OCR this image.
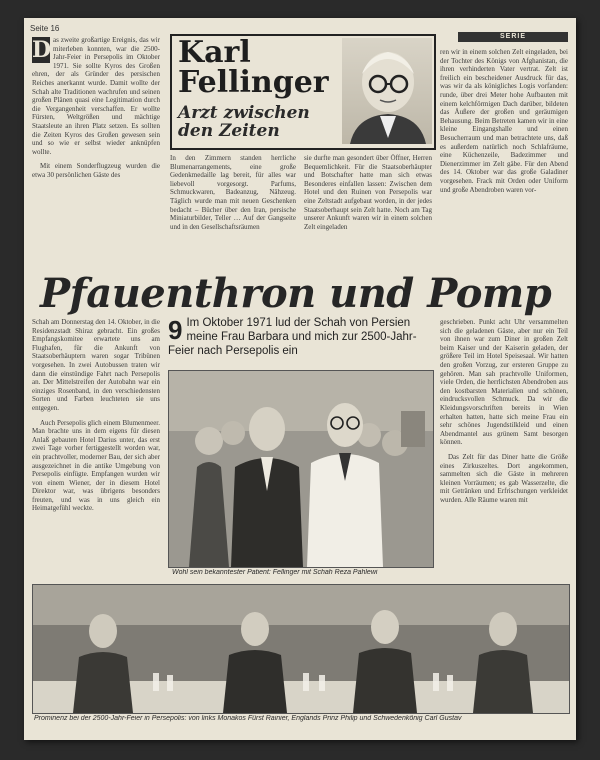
Seite 16
SERIE
D as zweite großartige Ereignis, das wir miterleben konnten, war die 2500-Jahr-Feier in Persepolis im Oktober 1971. Sie sollte Kyros des Großen ehren, der als Gründer des persischen Reiches anerkannt wurde. Damit wollte der Schah alte Traditionen wachrufen und seinen großen Plänen quasi eine Legitimation durch die Vergangenheit verschaffen. Er wollte Fürsten, Weltgrößen und mächtige Staatsleute an ihren Platz setzen. Es sollten die Zeiten Kyros des Großen gewesen sein und so wie er selbst wieder anknüpfen wollte.
Mit einem Sonderflugzeug wurden die etwa 30 persönlichen Gäste des
Karl Fellinger
Arzt zwischen den Zeiten
In den Zimmern standen herrliche Blumenarrangements, eine große Gedenkmedaille lag bereit, für alles war liebevoll vorgesorgt. Parfums, Schmuckwaren, Badeanzug, Nähzeug. Täglich wurde man mit neuen Geschenken bedacht – Bücher über den Iran, persische Miniaturbilder, Teller … Auf der Gangseite und in den Gesellschaftsräumen
sie durfte man gesondert über Öffner, Herren Bequemlichkeit. Für die Staatsoberhäupter und Botschafter hatte man sich etwas Besonderes einfallen lassen: Zwischen dem Hotel und den Ruinen von Persepolis war eine Zeltstadt aufgebaut worden, in der jedes Staatsoberhaupt sein Zelt hatte. Noch am Tag unserer Ankunft waren wir in einem solchen Zelt eingeladen
ren wir in einem solchen Zelt eingeladen, bei der Tochter des Königs von Afghanistan, die ihren verhinderten Vater vertrat. Zelt ist freilich ein bescheidener Ausdruck für das, was wir da als königliches Logis vorfanden: runde, über drei Meter hohe Aufbauten mit einem kelchförmigen Dach darüber, bildeten das Äußere der großen und geräumigen Behausung. Beim Betreten kamen wir in eine kleine Eingangshalle und einen Besucherraum und man betrachtete uns, daß es außerdem natürlich noch Schlafräume, eine Küchenzeile, Badezimmer und Dienerzimmer im Zelt gäbe. Für den Abend des 14. Oktober war das große Galadiner vorgesehen. Frack mit Orden oder Uniform und große Abendroben waren vor-
Pfauenthron und Pomp
9 Im Oktober 1971 lud der Schah von Persien meine Frau Barbara und mich zur 2500-Jahr-Feier nach Persepolis ein
Schah am Donnerstag den 14. Oktober, in die Residenzstadt Shiraz gebracht. Ein großes Empfangskomitee erwartete uns am Flughafen, für die Ankunft von Staatsoberhäuptern waren sogar Tribünen vorgesehen. In zwei Autobussen traten wir dann die einstündige Fahrt nach Persepolis an. Der Mittelstreifen der Autobahn war ein einziges Rosenband, in den verschiedensten Sorten und Farben leuchteten sie uns entgegen.
Auch Persepolis glich einem Blumenmeer. Man brachte uns in dem eigens für diesen Anlaß gebauten Hotel Darius unter, das erst zwei Tage vorher fertiggestellt worden war, ein prachtvoller, moderner Bau, der sich aber ausgezeichnet in die antike Umgebung von Persepolis einfügte. Empfangen wurden wir von einem Wiener, der in diesem Hotel Direktor war, was übrigens besonders freuten, und was in uns gleich ein Heimatgefühl weckte.
geschrieben. Punkt acht Uhr versammelten sich die geladenen Gäste, aber nur ein Teil von ihnen war zum Diner in großen Zelt beim Kaiser und der Kaiserin geladen, der größere Teil im Hotel Speisesaal. Wir hatten den großen Vorzug, zur ersteren Gruppe zu gehören. Man sah prachtvolle Uniformen, viele Orden, die herrlichsten Abendroben aus den kostbarsten Materialien und schönen, eindrucksvollen Schmuck. Da wir die Kleidungsvorschriften bereits in Wien erhalten hatten, hatte sich meine Frau ein sehr schönes Jugendstilkleid und einen Abendmantel aus grünem Samt besorgen können.
Das Zelt für das Diner hatte die Größe eines Zirkuszeltes. Dort angekommen, sammelten sich die Gäste in mehreren kleinen Vorräumen; es gab Wasserzelte, die mit Getränken und Erfrischungen verkleidet wurden. Alle Räume waren mit
Wohl sein bekanntester Patient: Fellinger mit Schah Reza Pahlewi
Prominenz bei der 2500-Jahr-Feier in Persepolis: von links Monakos Fürst Rainier, Englands Prinz Philip und Schwedenkönig Carl Gustav
